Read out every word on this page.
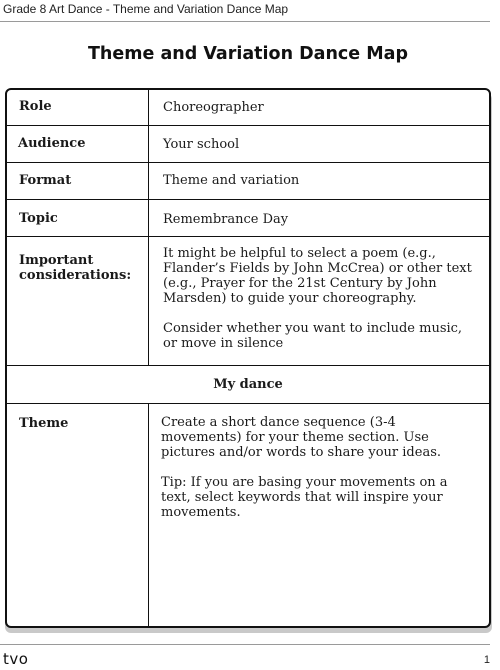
Grade 8 Art Dance - Theme and Variation Dance Map
Theme and Variation Dance Map
Role	Choreographer
Audience	Your school
Format	Theme and variation
Topic	Remembrance Day
Important considerations:

It might be helpful to select a poem (e.g., Flander’s Fields by John McCrea) or other text (e.g., Prayer for the 21st Century by John Marsden) to guide your choreography.

Consider whether you want to include music, or move in silence

My dance
Theme	Create a short dance sequence (3-4 movements) for your theme section. Use pictures and/or words to share your ideas.

Tip: If you are basing your movements on a text, select keywords that will inspire your movements.

tvo	1
